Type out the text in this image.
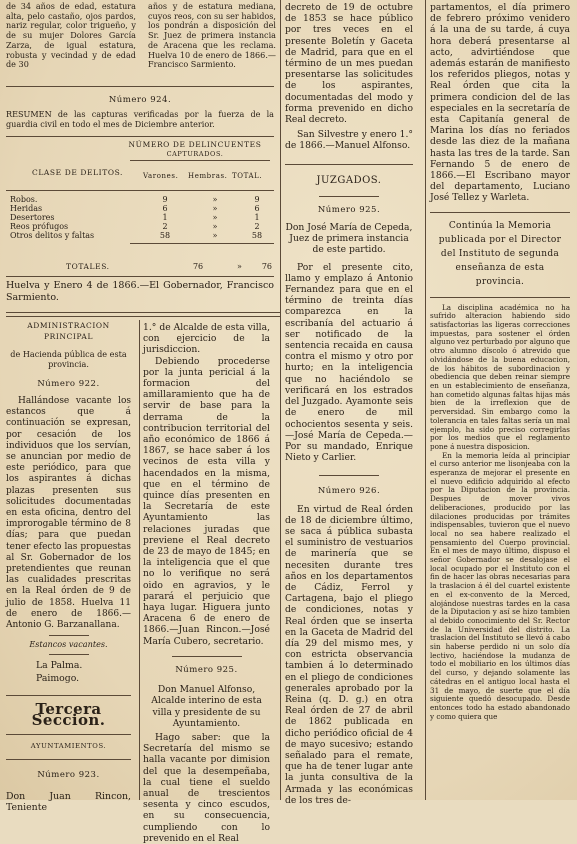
de 34 años de edad, estatura alta, pelo castaño, ojos pardos, nariz regular, color trigueño, y de su mujer Dolores García Zarza, de igual estatura, robusta y vecindad y de edad de 30

años y de estatura mediana, cuyos reos, con su ser habidos, los pondrán a disposición del Sr. Juez de primera instancia de Aracena que les reclama. Huelva 10 de enero de 1866.—Francisco Sarmiento.

Número 924.

RESUMEN de las capturas verificadas por la fuerza de la guardia civil en todo el mes de Diciembre anterior.

NÚMERO DE DELINCUENTES
CAPTURADOS.
CLASE DE DELITOS.	Varones. Hembras. TOTAL.
Robos.	9	»	9
Heridas	6	»	6
Desertores	1	»	1
Reos prófugos	2	»	2
Otros delitos y faltas	58	»	58
TOTALES.	76	»	76

Huelva y Enero 4 de 1866.—El Gobernador, Francisco Sarmiento.

ADMINISTRACION PRINCIPAL

de Hacienda pública de esta provincia.

Número 922.

Hallándose vacante los estancos que á continuación se expresan, por cesación de los individuos que los servían, se anuncian por medio de este periódico, para que los aspirantes á dichas plazas presenten sus solicitudes documentadas en esta oficina, dentro del improrogable término de 8 días; para que puedan tener efecto las propuestas al Sr. Gobernador de los pretendientes que reunan las cualidades prescritas en la Real órden de 9 de julio de 1858. Huelva 11 de enero de 1866.—Antonio G. Barzanallana.

Estancos vacantes.

La Palma.

Paimogo.

Tercera Seccion.

AYUNTAMIENTOS.

Número 923.

Don Juan Rincon, Teniente

1.° de Alcalde de esta villa, con ejercicio de la jurisdiccion.

Debiendo procederse por la junta pericial á la formacion del amillaramiento que ha de servir de base para la derrama de la contribucion territorial del año económico de 1866 á 1867, se hace saber á los vecinos de esta villa y hacendados en la misma, que en el término de quince días presenten en la Secretaría de este Ayuntamiento las relaciones juradas que previene el Real decreto de 23 de mayo de 1845; en la inteligencia que el que no lo verifique no será oido en agravios, y le parará el perjuicio que haya lugar. Higuera junto Aracena 6 de enero de 1866.—Juan Rincon.—José María Cubero, secretario.

Número 925.

Don Manuel Alfonso, Alcalde interino de esta villa y presidente de su Ayuntamiento.

Hago saber: que la Secretaría del mismo se halla vacante por dimision del que la desempeñaba, la cual tiene el sueldo anual de trescientos sesenta y cinco escudos, en su consecuencia, cumpliendo con lo prevenido en el Real

decreto de 19 de octubre de 1853 se hace público por tres veces en el presente Boletín y Gaceta de Madrid, para que en el término de un mes puedan presentarse las solicitudes de los aspirantes, documentadas del modo y forma prevenido en dicho Real decreto.

San Silvestre y enero 1.° de 1866.—Manuel Alfonso.

JUZGADOS.

Número 925.

Don José María de Cepeda, Juez de primera instancia de este partido.

Por el presente cito, llamo y emplazo á Antonio Fernandez para que en el término de treinta días comparezca en la escribanía del actuario á ser notificado de la sentencia recaida en causa contra el mismo y otro por hurto; en la inteligencia que no haciéndolo se verificará en los estrados del Juzgado. Ayamonte seis de enero de mil ochocientos sesenta y seis.—José María de Cepeda.—Por su mandado, Enrique Nieto y Carlier.

Número 926.

En virtud de Real órden de 18 de diciembre último, se saca á pública subasta el suministro de vestuarios de marinería que se necesiten durante tres años en los departamentos de Cádiz, Ferrol y Cartagena, bajo el pliego de condiciones, notas y Real órden que se inserta en la Gaceta de Madrid del día 29 del mismo mes, y con estricta observancia tambien á lo determinado en el pliego de condiciones generales aprobado por la Reina (q. D. g.) en otra Real órden de 27 de abril de 1862 publicada en dicho periódico oficial de 4 de mayo sucesivo; estando señalado para el remate, que ha de tener lugar ante la junta consultiva de la Armada y las económicas de los tres de-

partamentos, el día primero de febrero próximo venidero á la una de su tarde, á cuya hora deberá presentarse al acto, advirtiéndose que además estarán de manifiesto los referidos pliegos, notas y Real órden que cita la primera condicion del de las especiales en la secretaría de esta Capitanía general de Marina los días no feriados desde las diez de la mañana hasta las tres de la tarde. San Fernando 5 de enero de 1866.—El Escribano mayor del departamento, Luciano José Tellez y Warleta.

Continúa la Memoria publicada por el Director del Instituto de segunda enseñanza de esta provincia.

La disciplina académica no ha sufrido alteracion habiendo sido satisfactorias las ligeras correcciones impuestas, para sostener el órden alguno vez perturbado por alguno que otro alumno díscolo ó atrevido que olvidándose de la buena educacion, de los hábitos de subordinacion y obediencia que deben reinar siempre en un establecimiento de enseñanza, han cometido algunas faltas hijas más bien de la irreflexion que de perversidad. Sin embargo como la tolerancia en tales faltas sería un mal ejemplo, ha sido preciso corregirlas por los medios que el reglamento pone á nuestra disposicion.

En la memoria leída al principiar el curso anterior me lisonjeaba con la esperanza de mejorar el presente en el nuevo edificio adquirido al efecto por la Diputacion de la provincia. Despues de mover vivos deliberaciones, producido por las dilaciones producidas por trámites indispensables, tuvieron que el nuevo local no sea habere realizado el pensamiento del Cuerpo provincial. En el mes de mayo último, dispuso el señor Gobernador se desalojase el local ocupado por el Instituto con el fin de hacer las obras necesarias para la traslacion á él del cuartel existente en el ex-convento de la Merced, alojándose nuestras tardes en la casa de la Diputacion y así se hizo tambien al debido conocimiento del Sr. Rector de la Universidad del distrito. La traslacion del Instituto se llevó á cabo sin haberse perdido ni un solo día lectivo, haciéndose la mudanza de todo el mobiliario en los últimos días del curso, y dejando solamente las cátedras en el antiguo local hasta el 31 de mayo, de suerte que el día siguiente quedó desocupado. Desde entonces todo ha estado abandonado y como quiera que
